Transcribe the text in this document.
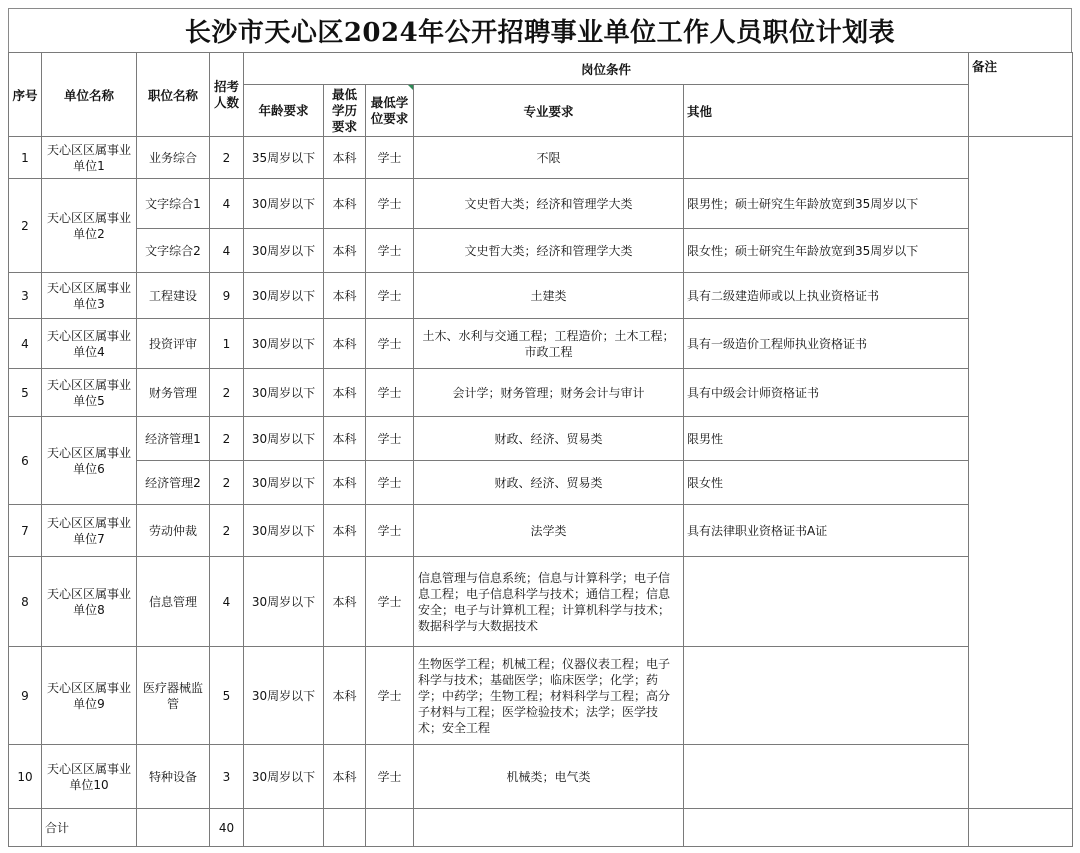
长沙市天心区2024年公开招聘事业单位工作人员职位计划表
序号	单位名称	职位名称	招考人数	岗位条件					备注
				年龄要求	最低学历要求	最低学位要求	专业要求	其他	
1	天心区区属事业单位1	业务综合	2	35周岁以下	本科	学士	不限		
2	天心区区属事业单位2	文字综合1	4	30周岁以下	本科	学士	文史哲大类；经济和管理学大类	限男性；硕士研究生年龄放宽到35周岁以下	
		文字综合2	4	30周岁以下	本科	学士	文史哲大类；经济和管理学大类	限女性；硕士研究生年龄放宽到35周岁以下	
3	天心区区属事业单位3	工程建设	9	30周岁以下	本科	学士	土建类	具有二级建造师或以上执业资格证书	
4	天心区区属事业单位4	投资评审	1	30周岁以下	本科	学士	土木、水利与交通工程；工程造价；土木工程；市政工程	具有一级造价工程师执业资格证书	
5	天心区区属事业单位5	财务管理	2	30周岁以下	本科	学士	会计学；财务管理；财务会计与审计	具有中级会计师资格证书	
6	天心区区属事业单位6	经济管理1	2	30周岁以下	本科	学士	财政、经济、贸易类	限男性	
		经济管理2	2	30周岁以下	本科	学士	财政、经济、贸易类	限女性	
7	天心区区属事业单位7	劳动仲裁	2	30周岁以下	本科	学士	法学类	具有法律职业资格证书A证	
8	天心区区属事业单位8	信息管理	4	30周岁以下	本科	学士	信息管理与信息系统；信息与计算科学；电子信息工程；电子信息科学与技术；通信工程；信息安全；电子与计算机工程；计算机科学与技术；数据科学与大数据技术		
9	天心区区属事业单位9	医疗器械监管	5	30周岁以下	本科	学士	生物医学工程；机械工程；仪器仪表工程；电子科学与技术；基础医学；临床医学；化学；药学；中药学；生物工程；材料科学与工程；高分子材料与工程；医学检验技术；法学；医学技术；安全工程		
10	天心区区属事业单位10	特种设备	3	30周岁以下	本科	学士	机械类；电气类		
	合计		40						
